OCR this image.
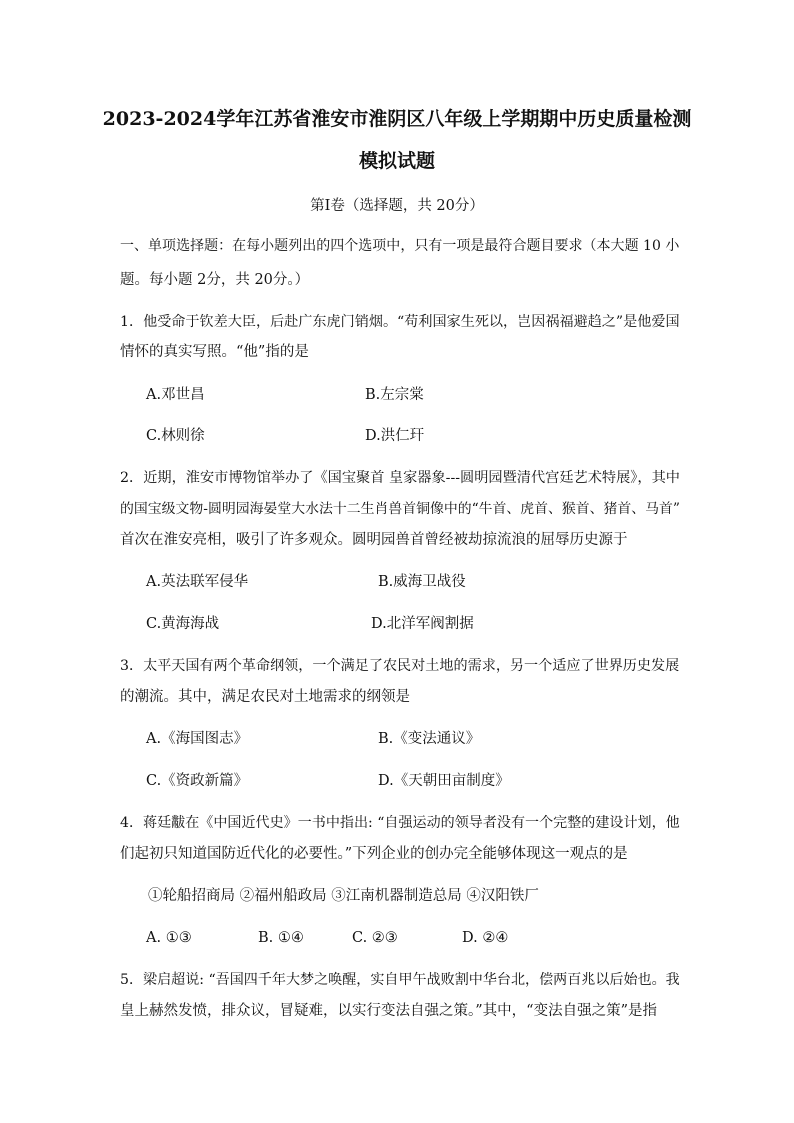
2023-2024学年江苏省淮安市淮阴区八年级上学期期中历史质量检测
模拟试题
第Ⅰ卷（选择题，共 20分）
一、单项选择题：在每小题列出的四个选项中，只有一项是最符合题目要求（本大题 10 小
题。每小题 2分，共 20分。）
1．他受命于钦差大臣，后赴广东虎门销烟。“苟利国家生死以，岂因祸福避趋之”是他爱国
情怀的真实写照。“他”指的是
A.邓世昌	B.左宗棠
C.林则徐	D.洪仁玕
2．近期，淮安市博物馆举办了《国宝聚首 皇家器象---圆明园暨清代宫廷艺术特展》，其中
的国宝级文物-圆明园海晏堂大水法十二生肖兽首铜像中的“牛首、虎首、猴首、猪首、马首”
首次在淮安亮相，吸引了许多观众。圆明园兽首曾经被劫掠流浪的屈辱历史源于
A.英法联军侵华	B.威海卫战役
C.黄海海战	D.北洋军阀割据
3．太平天国有两个革命纲领，一个满足了农民对土地的需求，另一个适应了世界历史发展
的潮流。其中，满足农民对土地需求的纲领是
A.《海国图志》	B.《变法通议》
C.《资政新篇》	D.《天朝田亩制度》
4．蒋廷黻在《中国近代史》一书中指出: “自强运动的领导者没有一个完整的建设计划，他
们起初只知道国防近代化的必要性。”下列企业的创办完全能够体现这一观点的是
①轮船招商局 ②福州船政局 ③江南机器制造总局 ④汉阳铁厂
A. ①③	B. ①④	C. ②③	D. ②④
5．梁启超说: “吾国四千年大梦之唤醒，实自甲午战败割中华台北，偿两百兆以后始也。我
皇上赫然发愤，排众议，冒疑难，以实行变法自强之策。”其中，“变法自强之策”是指
